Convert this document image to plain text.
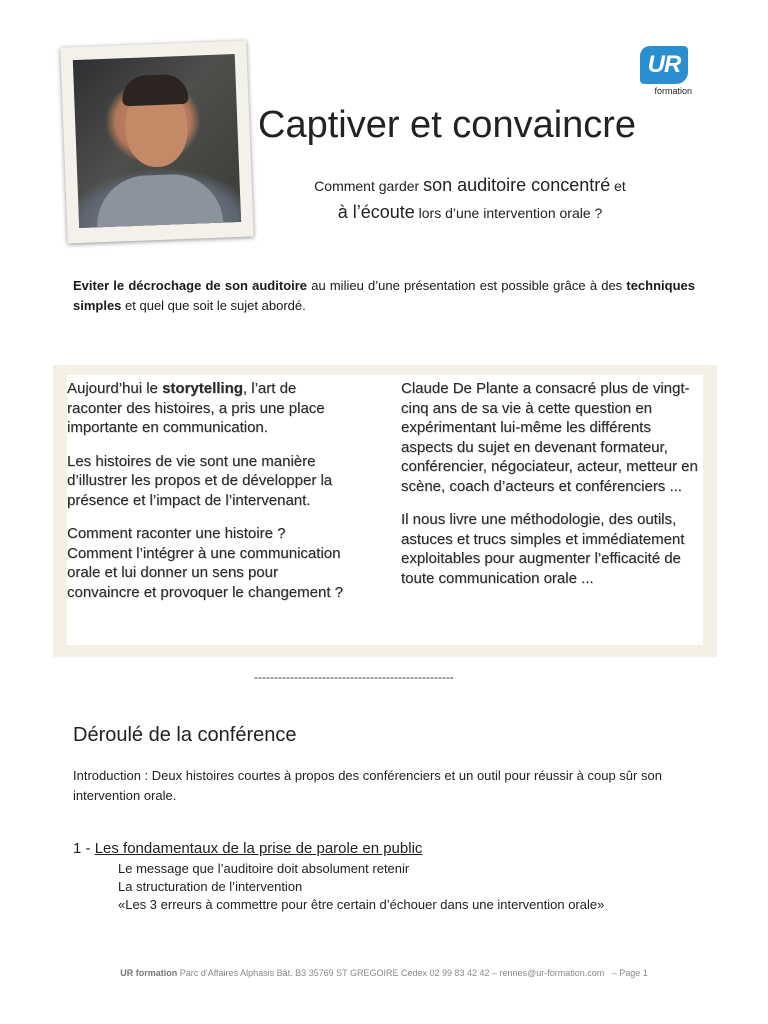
UR
formation
Captiver et convaincre
Comment garder son auditoire concentré et
à l’écoute lors d’une intervention orale ?
Eviter le décrochage de son auditoire au milieu d’une présentation est possible grâce à des techniques simples et quel que soit le sujet abordé.

Aujourd’hui le storytelling, l’art de raconter des histoires, a pris une place importante en communication.

Les histoires de vie sont une manière d’illustrer les propos et de développer la présence et l’impact de l’intervenant.

Comment raconter une histoire ? Comment l’intégrer à une communication orale et lui donner un sens pour convaincre et provoquer le changement ?

Claude De Plante a consacré plus de vingt-cinq ans de sa vie à cette question en expérimentant lui-même les différents aspects du sujet en devenant formateur, conférencier, négociateur, acteur, metteur en scène, coach d’acteurs et conférenciers ...

Il nous livre une méthodologie, des outils, astuces et trucs simples et immédiatement exploitables pour augmenter l’efficacité de toute communication orale ...

--------------------------------------------------
Déroulé de la conférence
Introduction : Deux histoires courtes à propos des conférenciers et un outil pour réussir à coup sûr son intervention orale.
1 - Les fondamentaux de la prise de parole en public
Le message que l’auditoire doit absolument retenir
La structuration de l’intervention
«Les 3 erreurs à commettre pour être certain d’échouer dans une intervention orale»
UR formation Parc d’Affaires Alphasis Bât. B3 35769 ST GREGOIRE Cedex 02 99 83 42 42 – rennes@ur-formation.com – Page 1
